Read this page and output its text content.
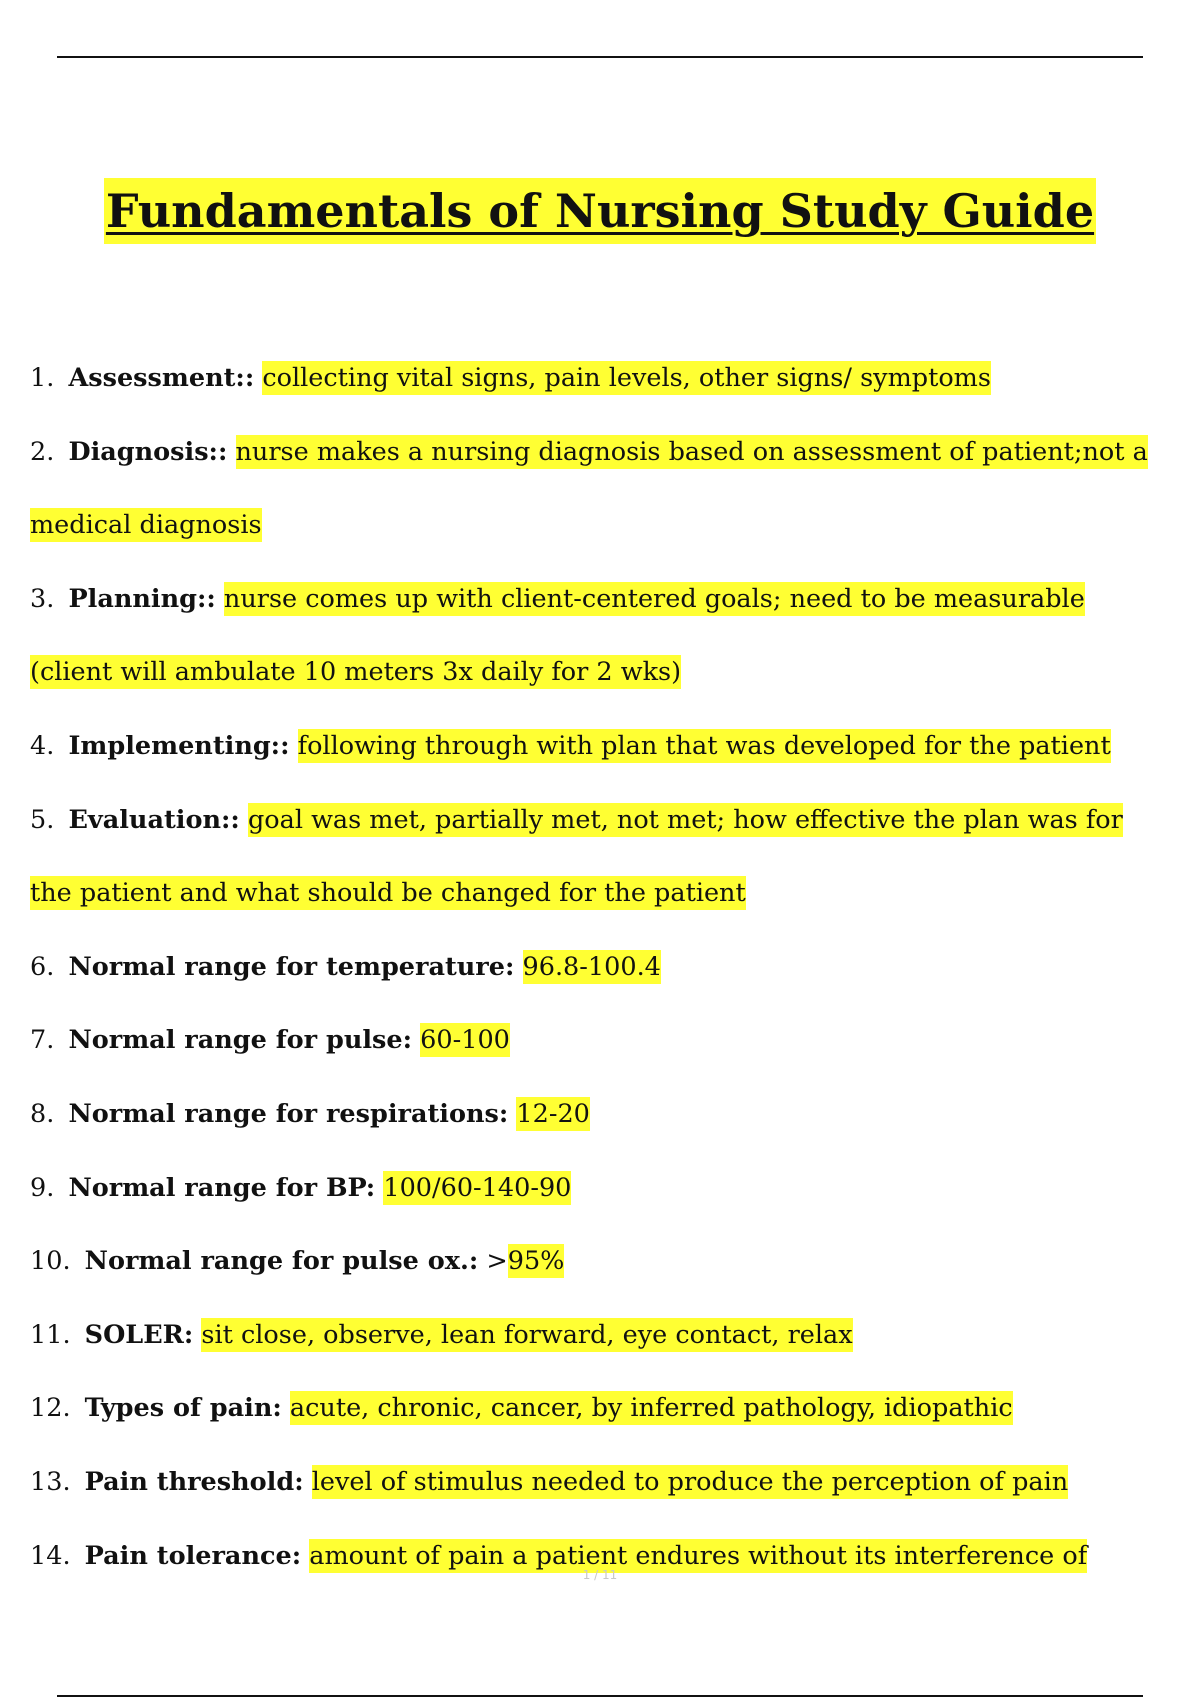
Fundamentals of Nursing Study Guide
1. Assessment:: collecting vital signs, pain levels, other signs/ symptoms
2. Diagnosis:: nurse makes a nursing diagnosis based on assessment of patient;not a medical diagnosis
3. Planning:: nurse comes up with client-centered goals; need to be measurable (client will ambulate 10 meters 3x daily for 2 wks)
4. Implementing:: following through with plan that was developed for the patient
5. Evaluation:: goal was met, partially met, not met; how effective the plan was for the patient and what should be changed for the patient
6. Normal range for temperature: 96.8-100.4
7. Normal range for pulse: 60-100
8. Normal range for respirations: 12-20
9. Normal range for BP: 100/60-140-90
10. Normal range for pulse ox.: >95%
11. SOLER: sit close, observe, lean forward, eye contact, relax
12. Types of pain: acute, chronic, cancer, by inferred pathology, idiopathic
13. Pain threshold: level of stimulus needed to produce the perception of pain
14. Pain tolerance: amount of pain a patient endures without its interference of
1 / 11
